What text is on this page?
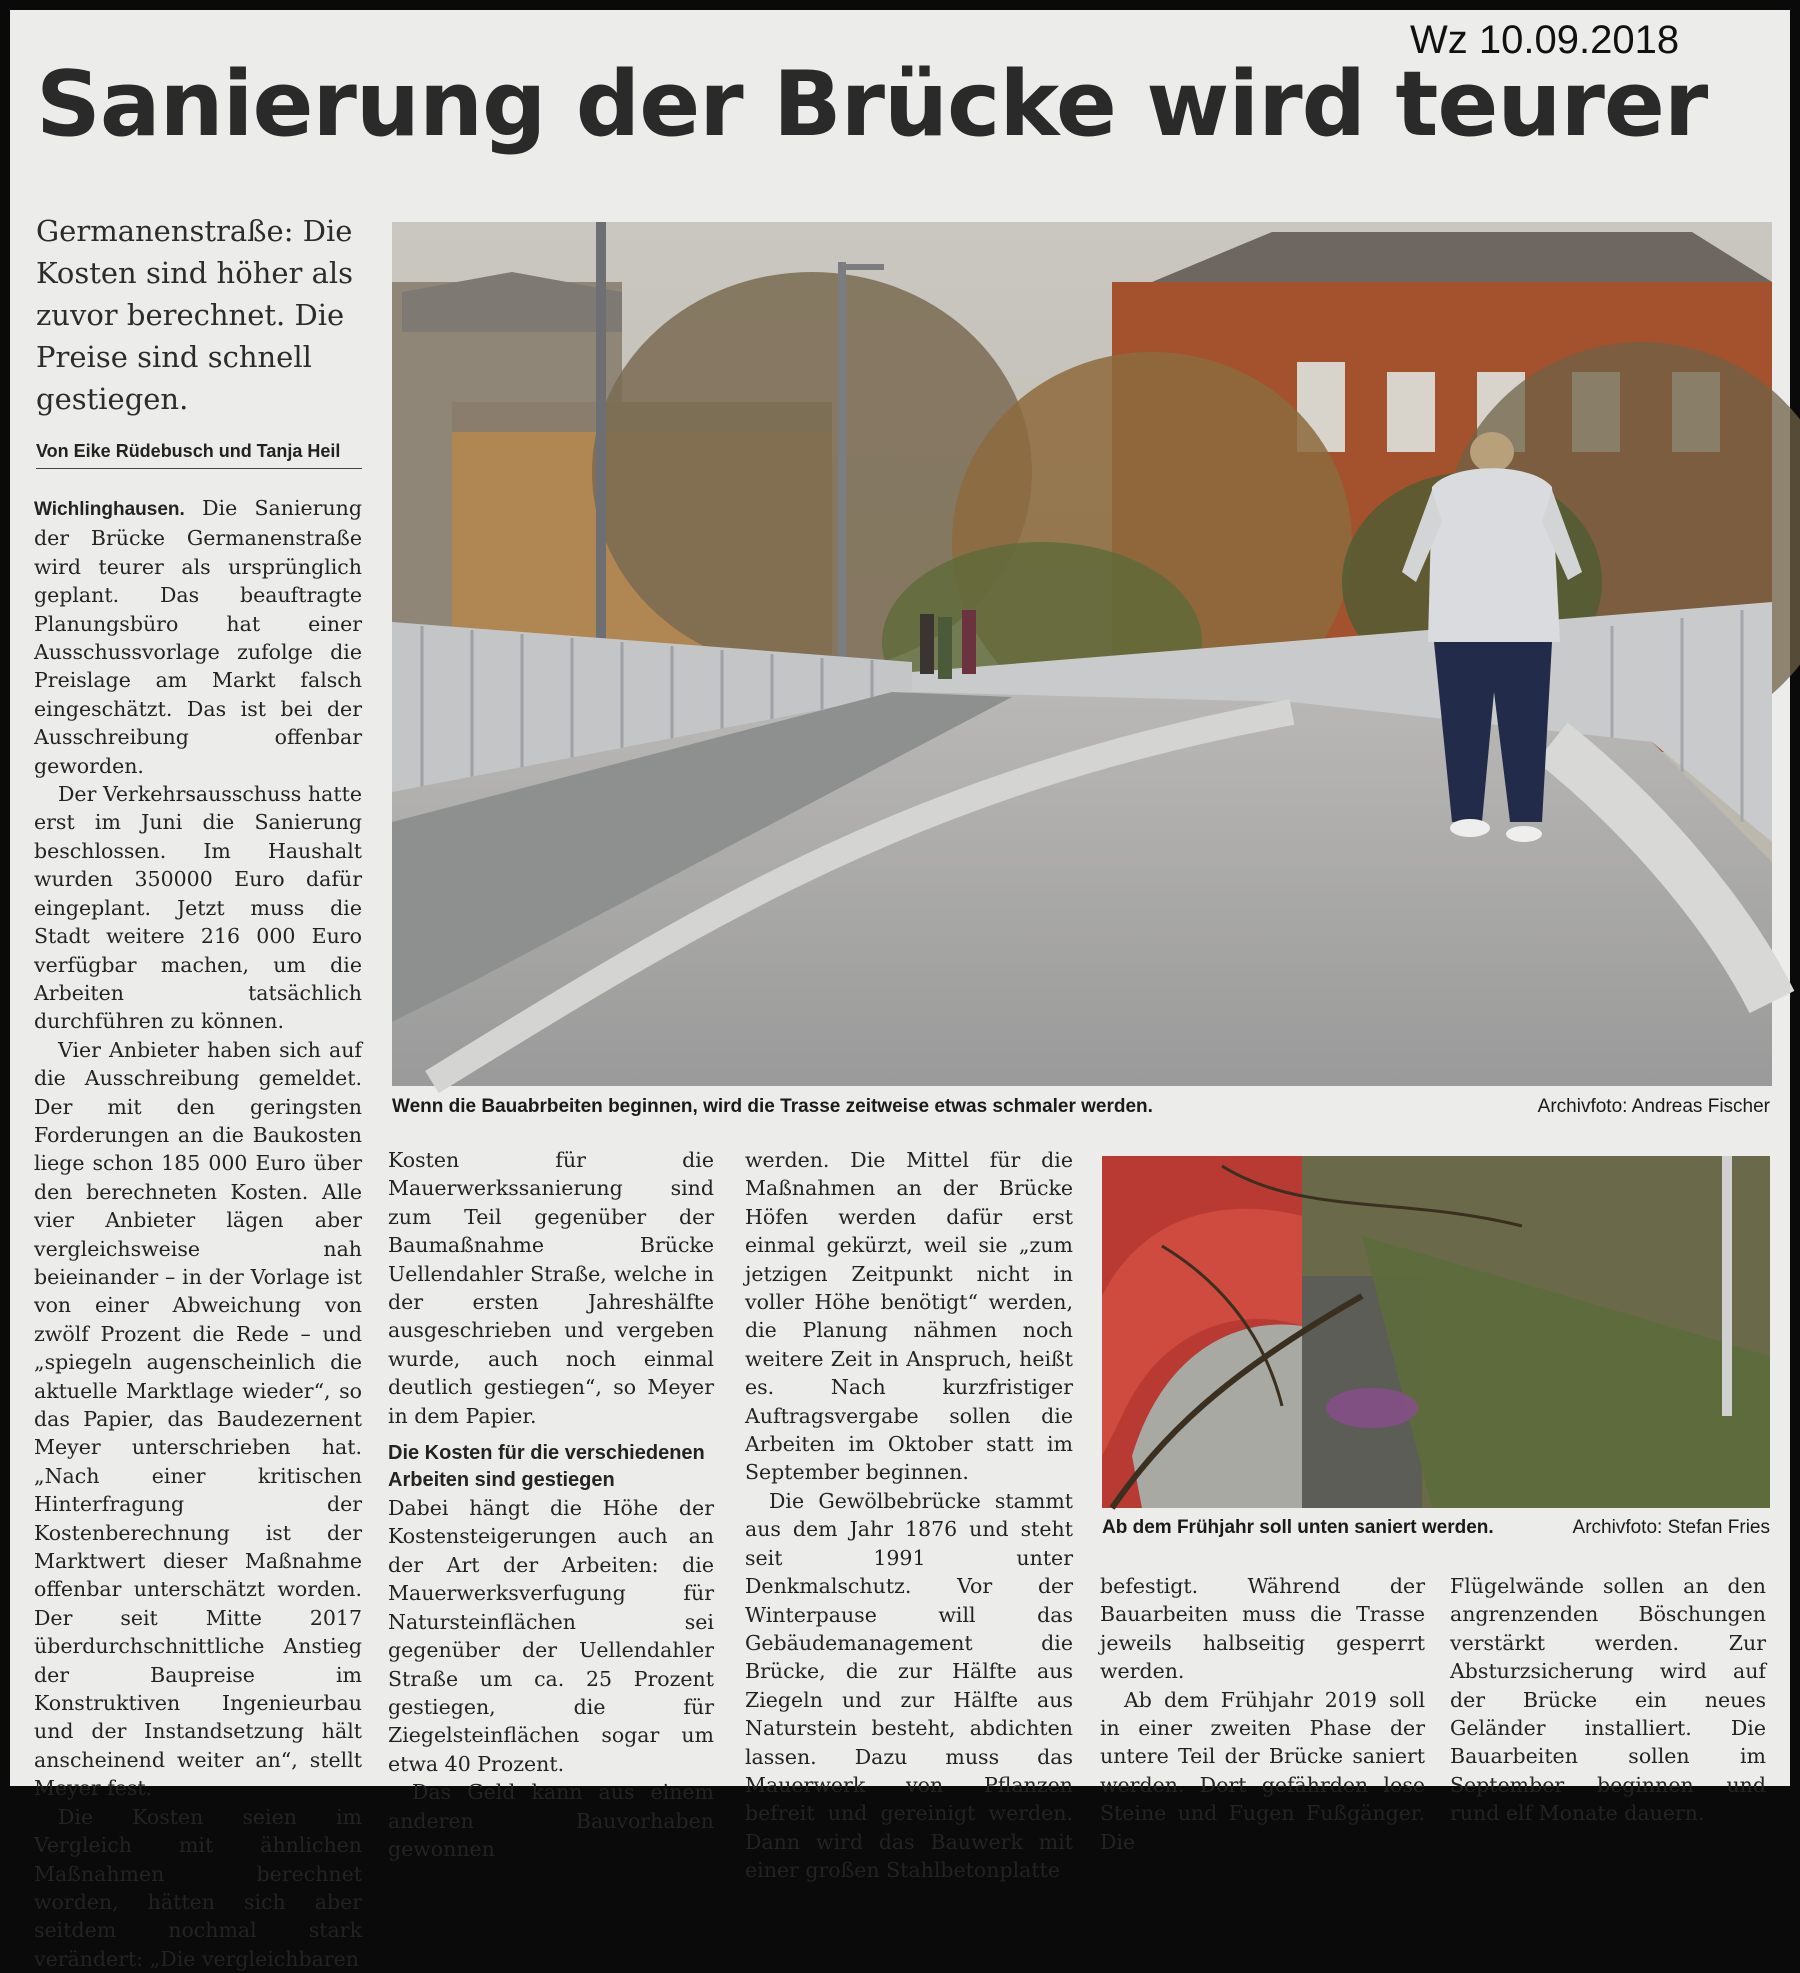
Wz 10.09.2018
Sanierung der Brücke wird teurer
Germanenstraße: Die Kosten sind höher als zuvor berechnet. Die Preise sind schnell gestiegen.
Von Eike Rüdebusch und Tanja Heil

Wichlinghausen. Die Sanierung der Brücke Germanenstraße wird teurer als ursprünglich geplant. Das beauftragte Planungsbüro hat einer Ausschussvorlage zufolge die Preislage am Markt falsch eingeschätzt. Das ist bei der Ausschreibung offenbar geworden.

Der Verkehrsausschuss hatte erst im Juni die Sanierung beschlossen. Im Haushalt wurden 350000 Euro dafür eingeplant. Jetzt muss die Stadt weitere 216 000 Euro verfügbar machen, um die Arbeiten tatsächlich durchführen zu können.

Vier Anbieter haben sich auf die Ausschreibung gemeldet. Der mit den geringsten Forderungen an die Baukosten liege schon 185 000 Euro über den berechneten Kosten. Alle vier Anbieter lägen aber vergleichsweise nah beieinander – in der Vorlage ist von einer Abweichung von zwölf Prozent die Rede – und „spiegeln augenscheinlich die aktuelle Marktlage wieder“, so das Papier, das Baudezernent Meyer unterschrieben hat. „Nach einer kritischen Hinterfragung der Kostenberechnung ist der Marktwert dieser Maßnahme offenbar unterschätzt worden. Der seit Mitte 2017 überdurchschnittliche Anstieg der Baupreise im Konstruktiven Ingenieurbau und der Instandsetzung hält anscheinend weiter an“, stellt Meyer fest.

Die Kosten seien im Vergleich mit ähnlichen Maßnahmen berechnet worden, hätten sich aber seitdem nochmal stark verändert: „Die vergleichbaren

Wenn die Bauabrbeiten beginnen, wird die Trasse zeitweise etwas schmaler werden.	Archivfoto: Andreas Fischer

Kosten für die Mauerwerkssanierung sind zum Teil gegenüber der Baumaßnahme Brücke Uellendahler Straße, welche in der ersten Jahreshälfte ausgeschrieben und vergeben wurde, auch noch einmal deutlich gestiegen“, so Meyer in dem Papier.

Die Kosten für die verschiedenen Arbeiten sind gestiegen

Dabei hängt die Höhe der Kostensteigerungen auch an der Art der Arbeiten: die Mauerwerksverfugung für Natursteinflächen sei gegenüber der Uellendahler Straße um ca. 25 Prozent gestiegen, die für Ziegelsteinflächen sogar um etwa 40 Prozent.

Das Geld kann aus einem anderen Bauvorhaben gewonnen

werden. Die Mittel für die Maßnahmen an der Brücke Höfen werden dafür erst einmal gekürzt, weil sie „zum jetzigen Zeitpunkt nicht in voller Höhe benötigt“ werden, die Planung nähmen noch weitere Zeit in Anspruch, heißt es. Nach kurzfristiger Auftragsvergabe sollen die Arbeiten im Oktober statt im September beginnen.

Die Gewölbebrücke stammt aus dem Jahr 1876 und steht seit 1991 unter Denkmalschutz. Vor der Winterpause will das Gebäudemanagement die Brücke, die zur Hälfte aus Ziegeln und zur Hälfte aus Naturstein besteht, abdichten lassen. Dazu muss das Mauerwerk von Pflanzen befreit und gereinigt werden. Dann wird das Bauwerk mit einer großen Stahlbetonplatte

Ab dem Frühjahr soll unten saniert werden.	Archivfoto: Stefan Fries

befestigt. Während der Bauarbeiten muss die Trasse jeweils halbseitig gesperrt werden.

Ab dem Frühjahr 2019 soll in einer zweiten Phase der untere Teil der Brücke saniert werden. Dort gefährden lose Steine und Fugen Fußgänger. Die

Flügelwände sollen an den angrenzenden Böschungen verstärkt werden. Zur Absturzsicherung wird auf der Brücke ein neues Geländer installiert. Die Bauarbeiten sollen im September beginnen und rund elf Monate dauern.
